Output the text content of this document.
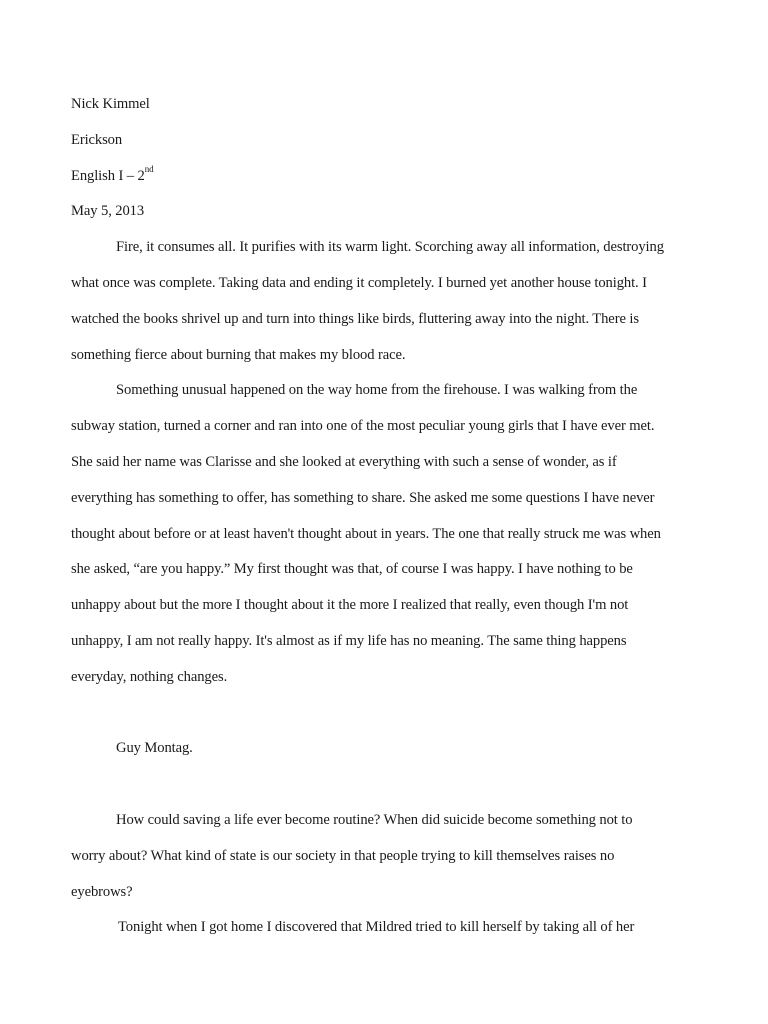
Nick Kimmel
Erickson
English I – 2nd
May 5, 2013
Fire, it consumes all. It purifies with its warm light. Scorching away all information, destroying
what once was complete. Taking data and ending it completely. I burned yet another house tonight. I
watched the books shrivel up and turn into things like birds, fluttering away into the night. There is
something fierce about burning that makes my blood race.
Something unusual happened on the way home from the firehouse. I was walking from the
subway station, turned a corner and ran into one of the most peculiar young girls that I have ever met.
She said her name was Clarisse and she looked at everything with such a sense of wonder, as if
everything has something to offer, has something to share. She asked me some questions I have never
thought about before or at least haven't thought about in years. The one that really struck me was when
she asked, “are you happy.” My first thought was that, of course I was happy. I have nothing to be
unhappy about but the more I thought about it the more I realized that really, even though I'm not
unhappy, I am not really happy. It's almost as if my life has no meaning. The same thing happens
everyday, nothing changes.
Guy Montag.
How could saving a life ever become routine? When did suicide become something not to
worry about? What kind of state is our society in that people trying to kill themselves raises no
eyebrows?
Tonight when I got home I discovered that Mildred tried to kill herself by taking all of her
